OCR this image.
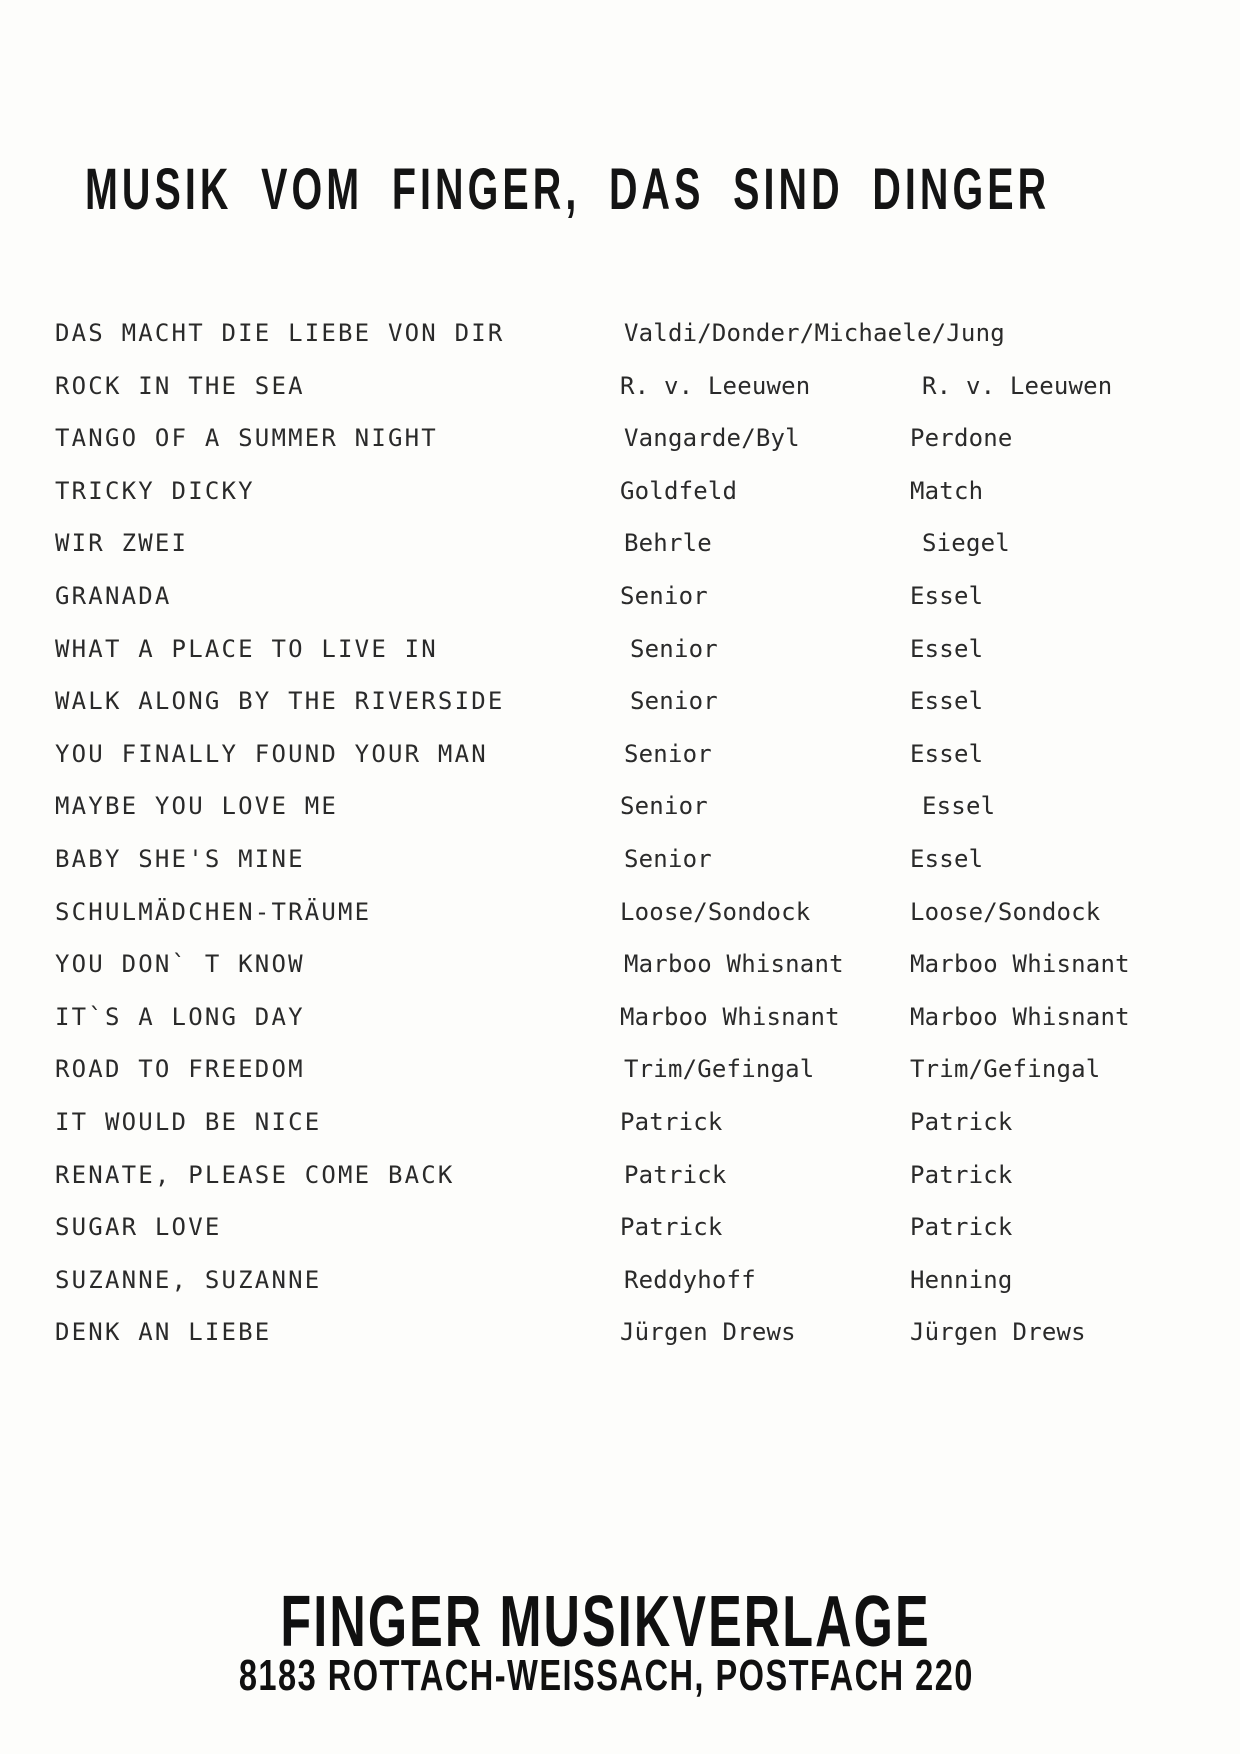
MUSIK VOM FINGER, DAS SIND DINGER
DAS MACHT DIE LIEBE VON DIR	Valdi/Donder/Michaele/Jung
ROCK IN THE SEA	R. v. Leeuwen	R. v. Leeuwen
TANGO OF A SUMMER NIGHT	Vangarde/Byl	Perdone
TRICKY DICKY	Goldfeld	Match
WIR ZWEI	Behrle	Siegel
GRANADA	Senior	Essel
WHAT A PLACE TO LIVE IN	Senior	Essel
WALK ALONG BY THE RIVERSIDE	Senior	Essel
YOU FINALLY FOUND YOUR MAN	Senior	Essel
MAYBE YOU LOVE ME	Senior	Essel
BABY SHE'S MINE	Senior	Essel
SCHULMÄDCHEN-TRÄUME	Loose/Sondock	Loose/Sondock
YOU DON` T KNOW	Marboo Whisnant	Marboo Whisnant
IT`S A LONG DAY	Marboo Whisnant	Marboo Whisnant
ROAD TO FREEDOM	Trim/Gefingal	Trim/Gefingal
IT WOULD BE NICE	Patrick	Patrick
RENATE, PLEASE COME BACK	Patrick	Patrick
SUGAR LOVE	Patrick	Patrick
SUZANNE, SUZANNE	Reddyhoff	Henning
DENK AN LIEBE	Jürgen Drews	Jürgen Drews
FINGER MUSIKVERLAGE
8183 ROTTACH-WEISSACH, POSTFACH 220
